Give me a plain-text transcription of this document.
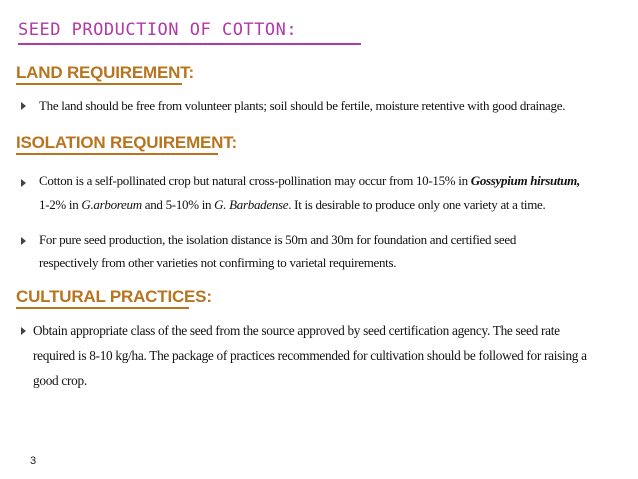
SEED PRODUCTION OF COTTON:
LAND REQUIREMENT:
The land should be free from volunteer plants; soil should be fertile, moisture retentive with good drainage.
ISOLATION REQUIREMENT:
Cotton is a self-pollinated crop but natural cross-pollination may occur from 10-15% in Gossypium hirsutum,
1-2% in G.arboreum and 5-10% in G. Barbadense. It is desirable to produce only one variety at a time.
For pure seed production, the isolation distance is 50m and 30m for foundation and certified seed
respectively from other varieties not confirming to varietal requirements.
CULTURAL PRACTICES:
Obtain appropriate class of the seed from the source approved by seed certification agency. The seed rate
required is 8-10 kg/ha. The package of practices recommended for cultivation should be followed for raising a
good crop.
3
